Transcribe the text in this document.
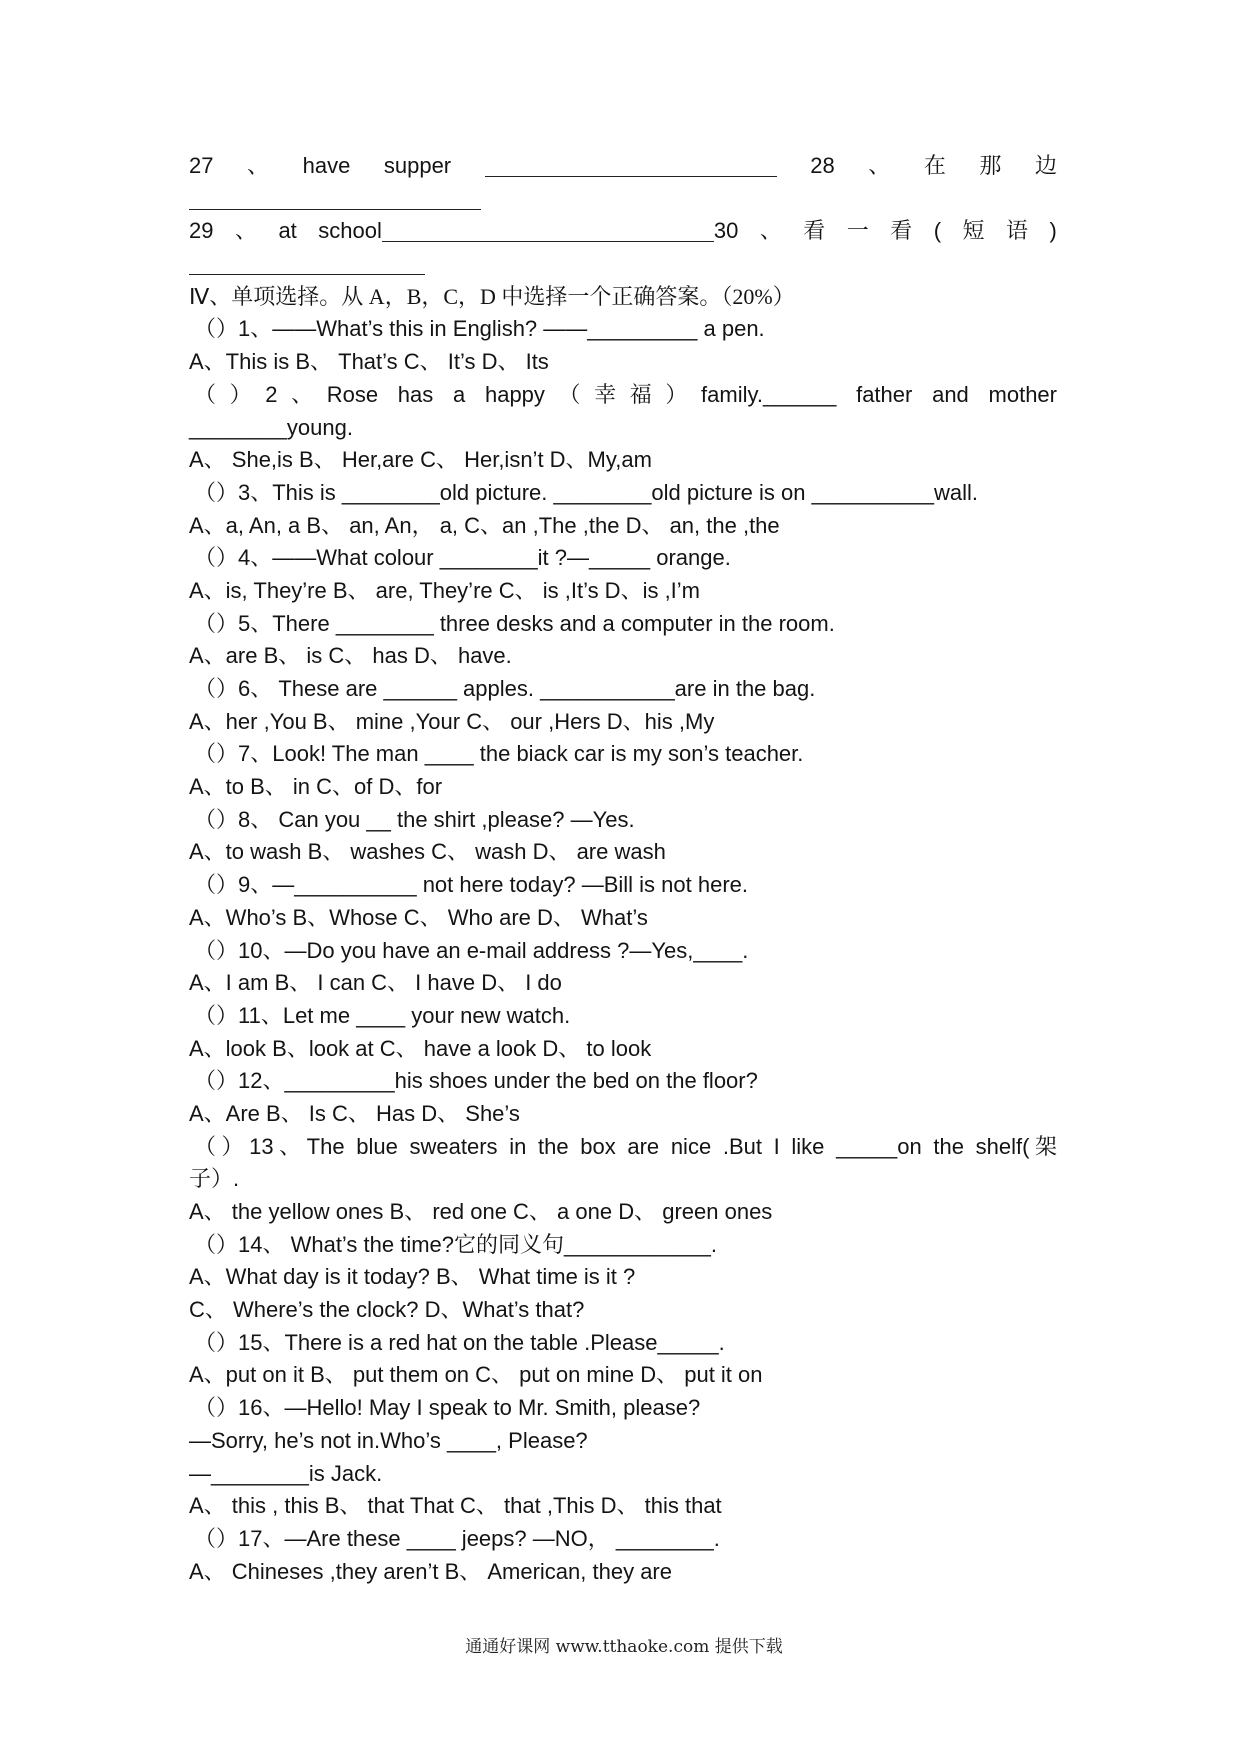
27 、 have supper	28 、 在 那 边
29 、 at school	30 、 看 一 看 ( 短 语 )
Ⅳ、单项选择。从 A，B，C，D 中选择一个正确答案。（20%）
（）1、——What’s this in English? ——_________ a pen.
A、This is B、 That’s C、 It’s D、 Its
（）2、Rose has a happy（幸福）family.______ father and mother
________young.
A、 She,is B、 Her,are C、 Her,isn’t D、My,am
（）3、This is ________old picture. ________old picture is on __________wall.
A、a, An, a B、 an, An， a, C、an ,The ,the D、 an, the ,the
（）4、——What colour ________it ?—_____ orange.
A、is, They’re B、 are, They’re C、 is ,It’s D、is ,I’m
（）5、There ________ three desks and a computer in the room.
A、are B、 is C、 has D、 have.
（）6、 These are ______ apples. ___________are in the bag.
A、her ,You B、 mine ,Your C、 our ,Hers D、his ,My
（）7、Look! The man ____ the biack car is my son’s teacher.
A、to B、 in C、of D、for
（）8、 Can you __ the shirt ,please? —Yes.
A、to wash B、 washes C、 wash D、 are wash
（）9、—__________ not here today? —Bill is not here.
A、Who’s B、Whose C、 Who are D、 What’s
（）10、—Do you have an e-mail address ?—Yes,____.
A、I am B、 I can C、 I have D、 I do
（）11、Let me ____ your new watch.
A、look B、look at C、 have a look D、 to look
（）12、_________his shoes under the bed on the floor?
A、Are B、 Is C、 Has D、 She’s
（）13、The blue sweaters in the box are nice .But I like _____on the shelf(架
子）.
A、 the yellow ones B、 red one C、 a one D、 green ones
（）14、 What’s the time?它的同义句____________.
A、What day is it today? B、 What time is it ?
C、 Where’s the clock? D、What’s that?
（）15、There is a red hat on the table .Please_____.
A、put on it B、 put them on C、 put on mine D、 put it on
（）16、—Hello! May I speak to Mr. Smith, please?
—Sorry, he’s not in.Who’s ____, Please?
—________is Jack.
A、 this , this B、 that That C、 that ,This D、 this that
（）17、—Are these ____ jeeps? —NO， ________.
A、 Chineses ,they aren’t B、 American, they are
通通好课网 www.tthaoke.com 提供下载
